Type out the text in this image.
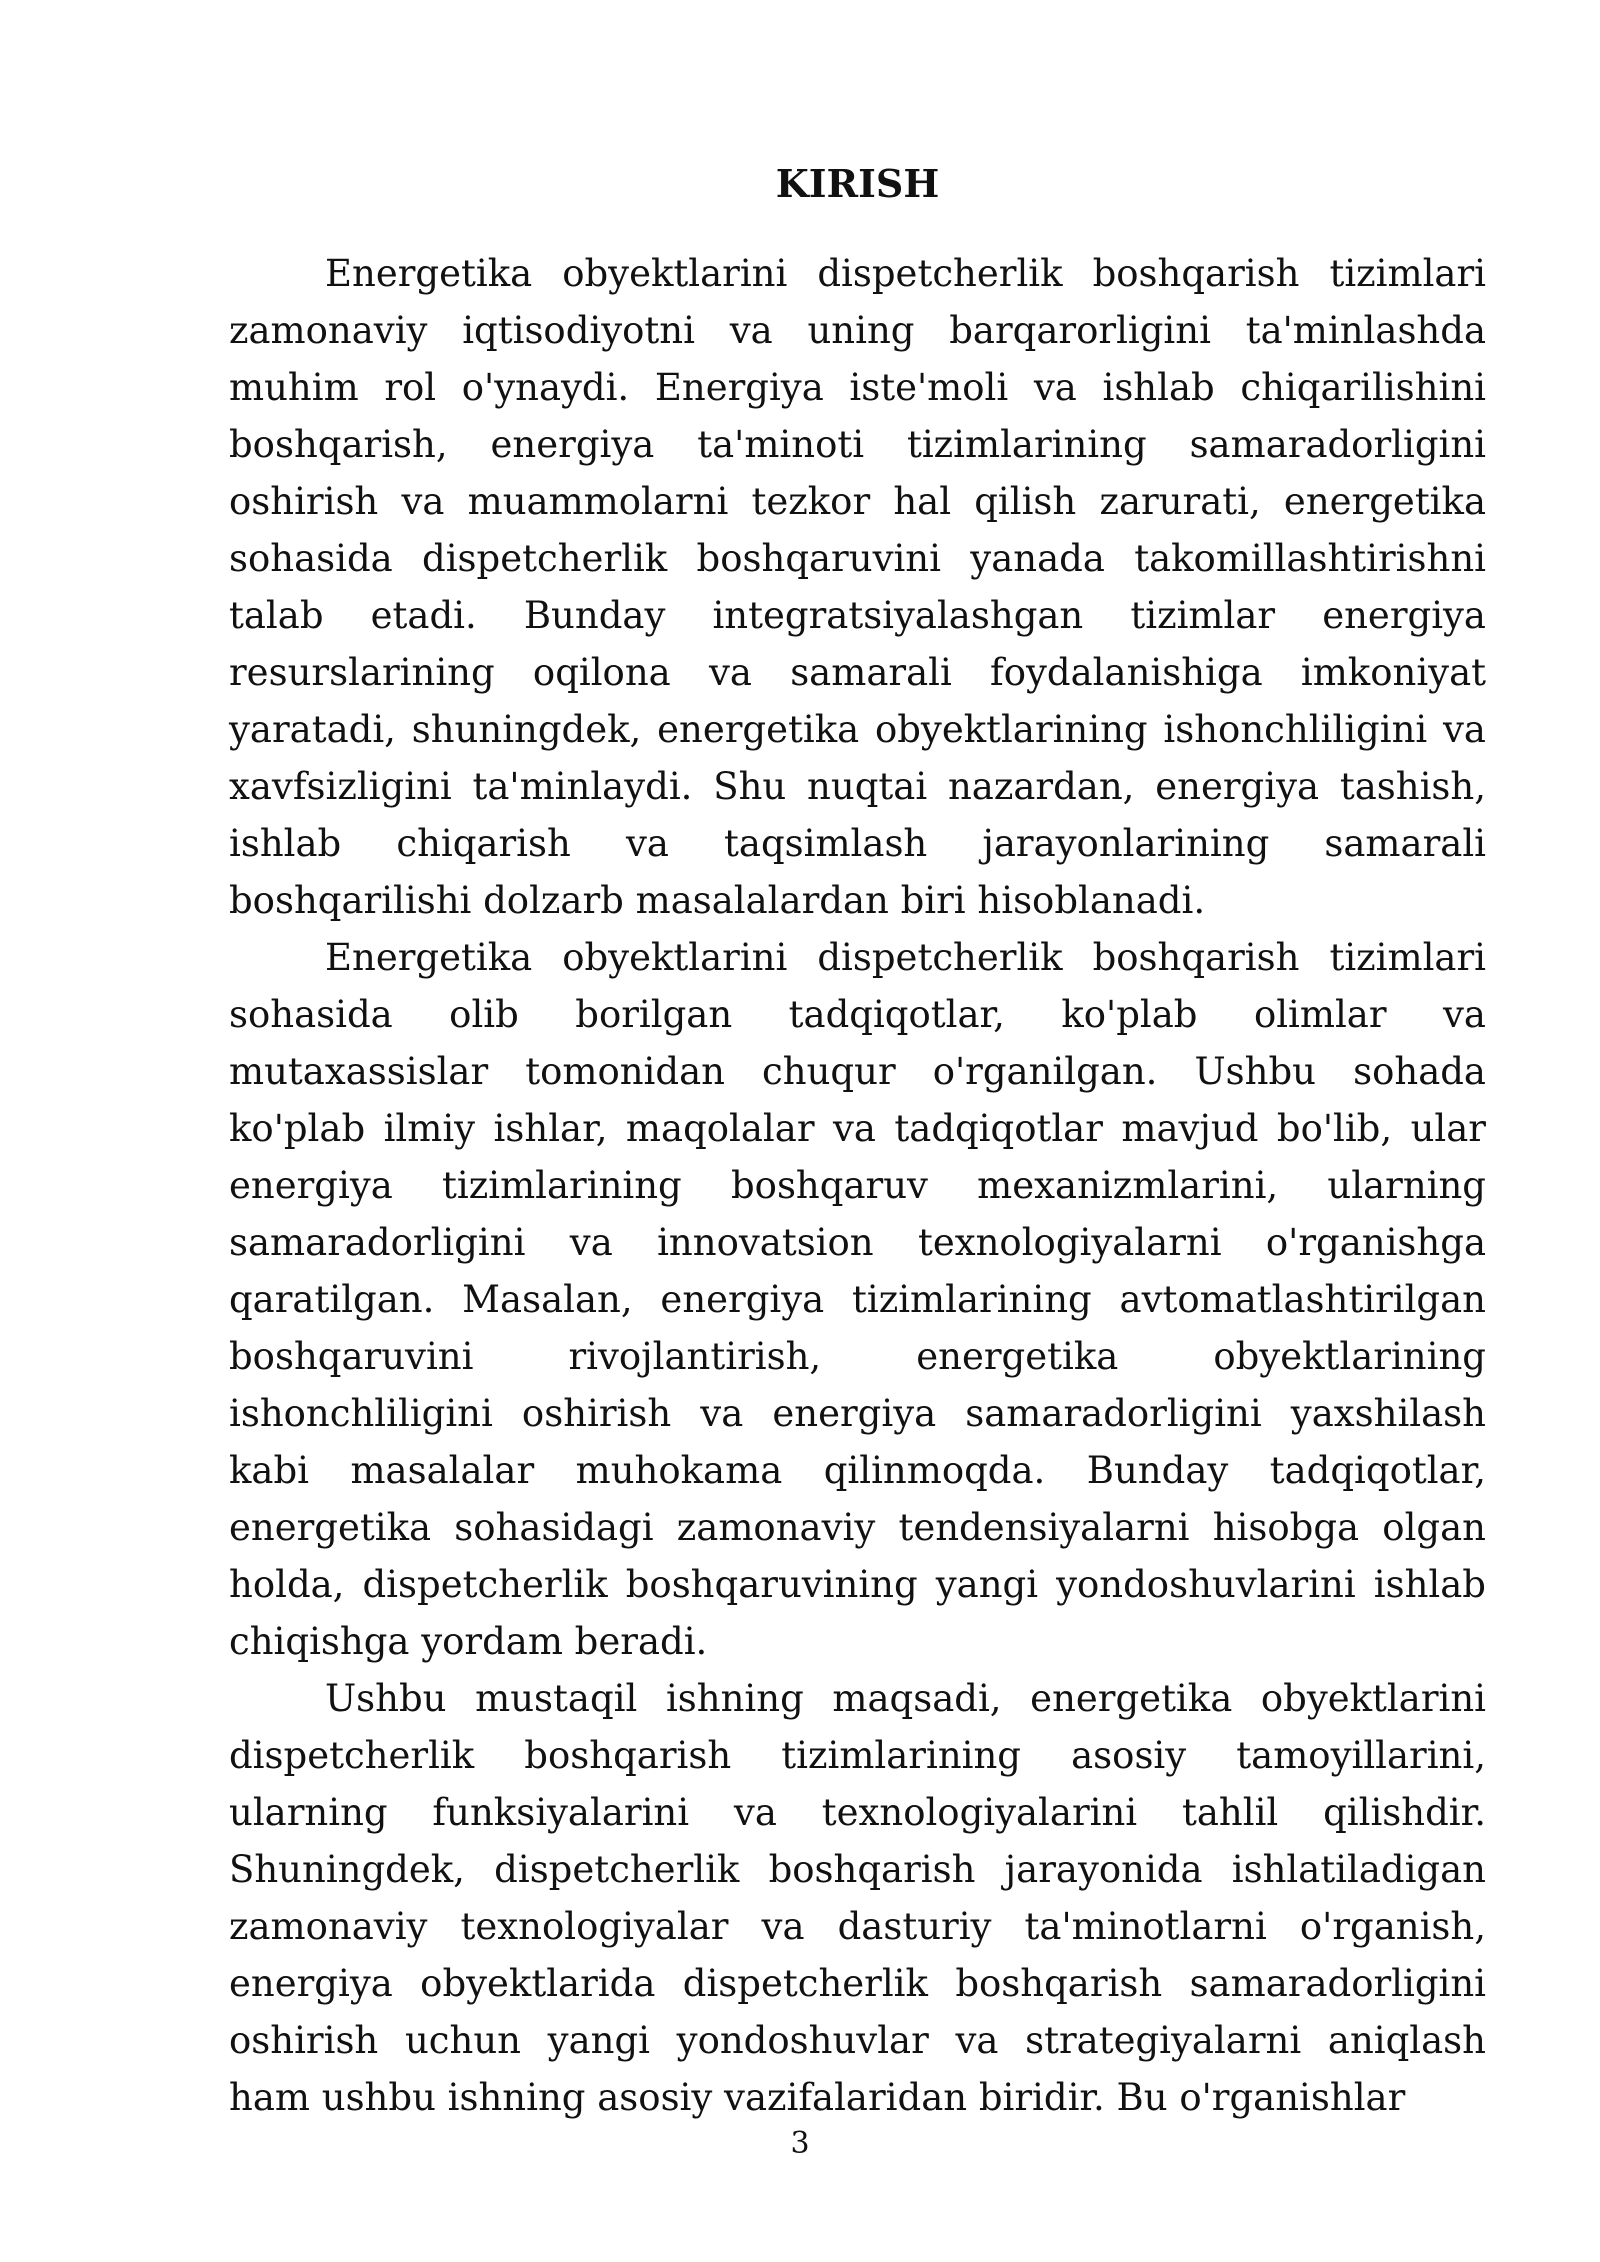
KIRISH

Energetika obyektlarini dispetcherlik boshqarish tizimlari zamonaviy iqtisodiyotni va uning barqarorligini ta'minlashda muhim rol o'ynaydi. Energiya iste'moli va ishlab chiqarilishini boshqarish, energiya ta'minoti tizimlarining samaradorligini oshirish va muammolarni tezkor hal qilish zarurati, energetika sohasida dispetcherlik boshqaruvini yanada takomillashtirishni talab etadi. Bunday integratsiyalashgan tizimlar energiya resurslarining oqilona va samarali foydalanishiga imkoniyat yaratadi, shuningdek, energetika obyektlarining ishonchliligini va xavfsizligini ta'minlaydi. Shu nuqtai nazardan, energiya tashish, ishlab chiqarish va taqsimlash jarayonlarining samarali boshqarilishi dolzarb masalalardan biri hisoblanadi.

Energetika obyektlarini dispetcherlik boshqarish tizimlari sohasida olib borilgan tadqiqotlar, ko'plab olimlar va mutaxassislar tomonidan chuqur o'rganilgan. Ushbu sohada ko'plab ilmiy ishlar, maqolalar va tadqiqotlar mavjud bo'lib, ular energiya tizimlarining boshqaruv mexanizmlarini, ularning samaradorligini va innovatsion texnologiyalarni o'rganishga qaratilgan. Masalan, energiya tizimlarining avtomatlashtirilgan boshqaruvini rivojlantirish, energetika obyektlarining ishonchliligini oshirish va energiya samaradorligini yaxshilash kabi masalalar muhokama qilinmoqda. Bunday tadqiqotlar, energetika sohasidagi zamonaviy tendensiyalarni hisobga olgan holda, dispetcherlik boshqaruvining yangi yondoshuvlarini ishlab chiqishga yordam beradi.

Ushbu mustaqil ishning maqsadi, energetika obyektlarini dispetcherlik boshqarish tizimlarining asosiy tamoyillarini, ularning funksiyalarini va texnologiyalarini tahlil qilishdir. Shuningdek, dispetcherlik boshqarish jarayonida ishlatiladigan zamonaviy texnologiyalar va dasturiy ta'minotlarni o'rganish, energiya obyektlarida dispetcherlik boshqarish samaradorligini oshirish uchun yangi yondoshuvlar va strategiyalarni aniqlash ham ushbu ishning asosiy vazifalaridan biridir. Bu o'rganishlar

3
